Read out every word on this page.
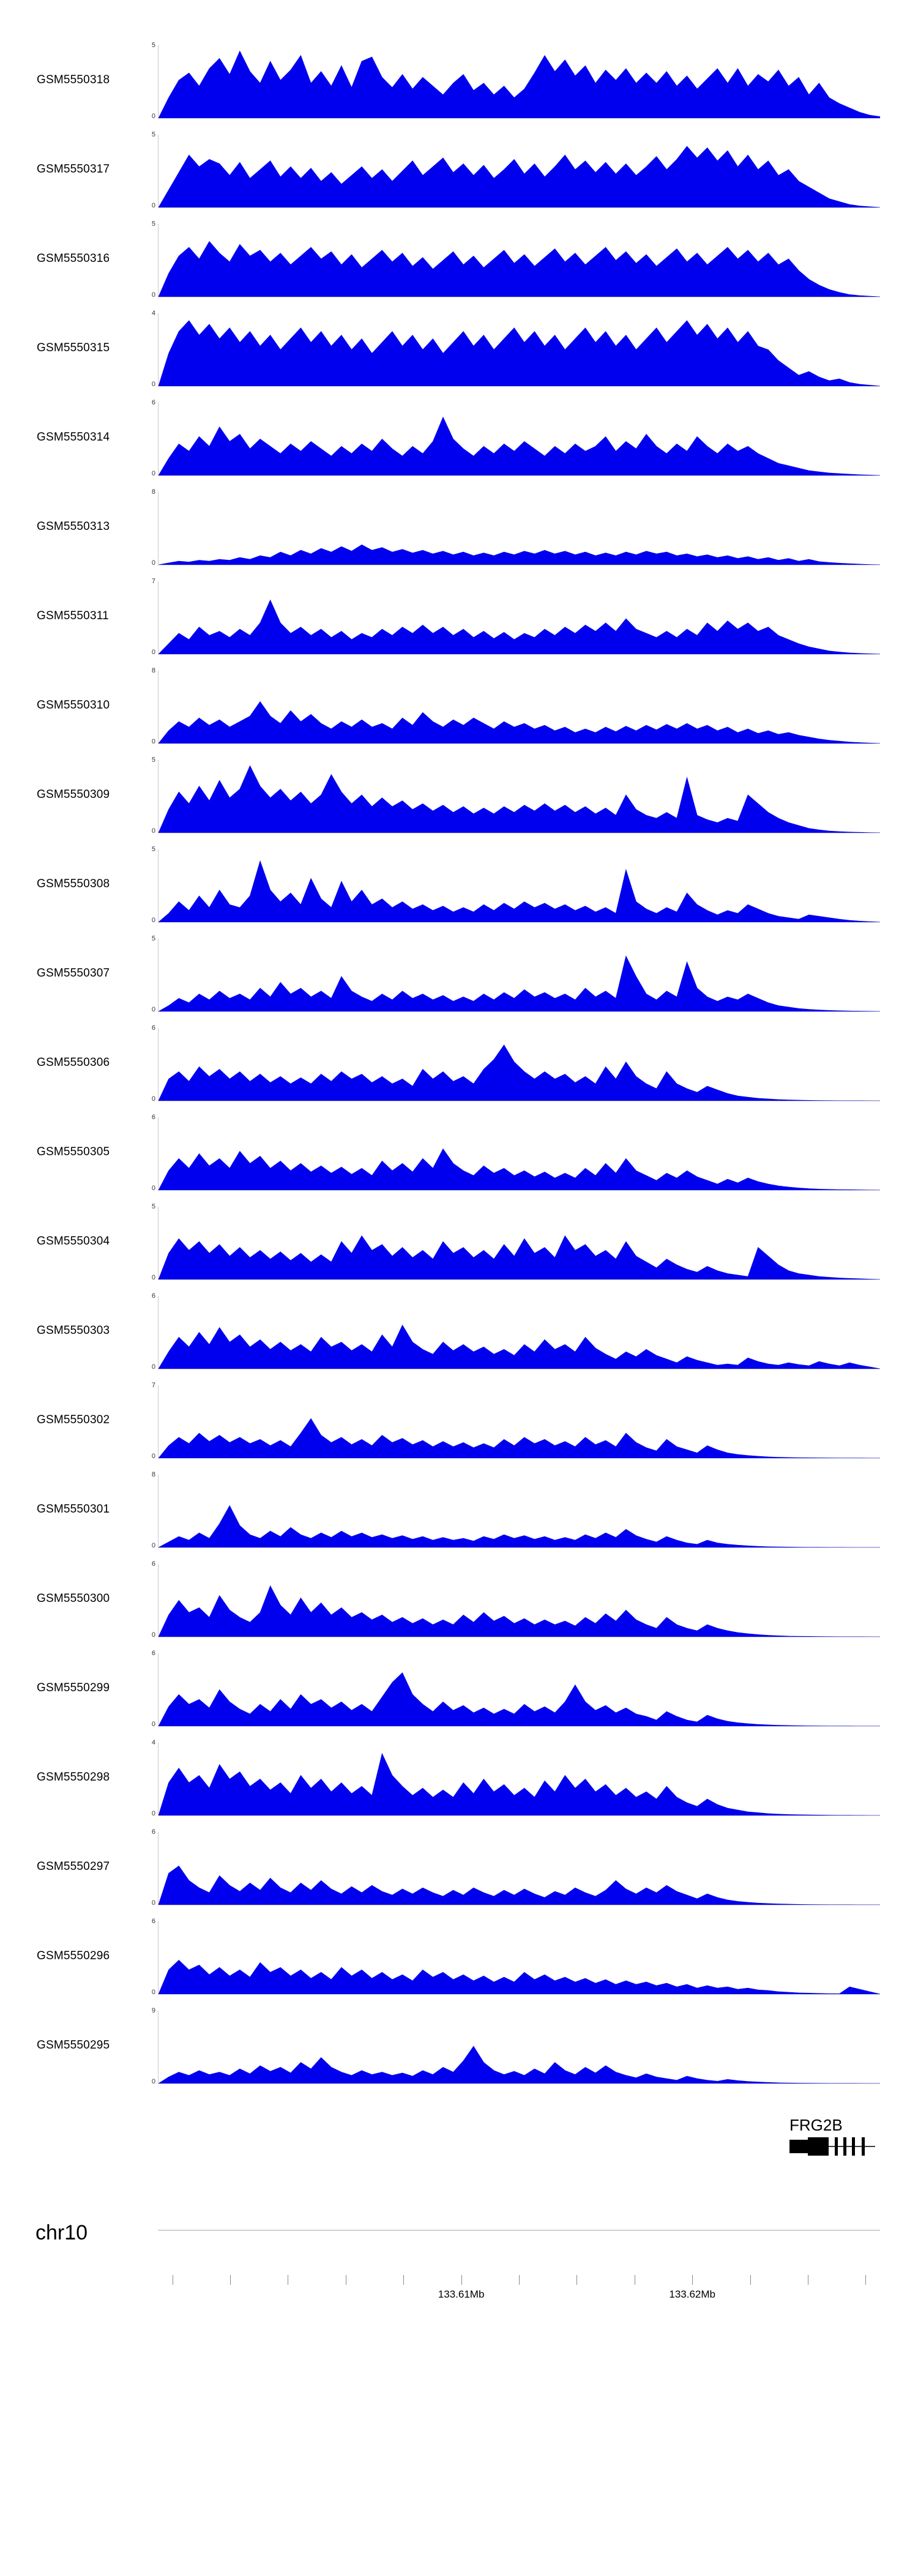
GSM5550318
5
0
GSM5550317
5
0
GSM5550316
5
0
GSM5550315
4
0
GSM5550314
6
0
GSM5550313
8
0
GSM5550311
7
0
GSM5550310
8
0
GSM5550309
5
0
GSM5550308
5
0
GSM5550307
5
0
GSM5550306
6
0
GSM5550305
6
0
GSM5550304
5
0
GSM5550303
6
0
GSM5550302
7
0
GSM5550301
8
0
GSM5550300
6
0
GSM5550299
6
0
GSM5550298
4
0
GSM5550297
6
0
GSM5550296
6
0
GSM5550295
9
0
FRG2B
chr10
133.61Mb	133.62Mb
